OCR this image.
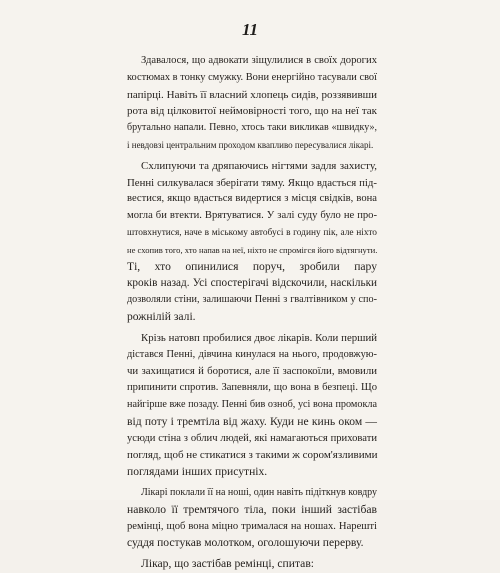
11
Здавалося, що адвокати зіщулилися в своїх дорогих
костюмах в тонку смужку. Вони енергійно тасували свої
папірці. Навіть її власний хлопець сидів, роззявивши
рота від цілковитої неймовірності того, що на неї так
брутально напали. Певно, хтось таки викликав «швидку»,
і невдовзі центральним проходом квапливо пересувалися лікарі.
Схлипуючи та дряпаючись нігтями задля захисту,
Пенні силкувалася зберігати тяму. Якщо вдасться під-
вестися, якщо вдасться видертися з місця свідків, вона
могла би втекти. Врятуватися. У залі суду було не про-
штовхнутися, наче в міському автобусі в годину пік, але ніхто
не схопив того, хто напав на неї, ніхто не спромігся його відтягнути.
Ті, хто опинилися поруч, зробили пару
кроків назад. Усі спостерігачі відскочили, наскільки
дозволяли стіни, залишаючи Пенні з гвалтівником у спо-
рожнілій залі.
Крізь натовп пробилися двоє лікарів. Коли перший
дістався Пенні, дівчина кинулася на нього, продовжую-
чи захищатися й боротися, але її заспокоїли, вмовили
припинити спротив. Запевняли, що вона в безпеці. Що
найгірше вже позаду. Пенні бив озноб, усі вона промокла
від поту і тремтіла від жаху. Куди не кинь оком —
усюди стіна з облич людей, які намагаються приховати
погляд, щоб не стикатися з такими ж сором'язливими
поглядами інших присутніх.
Лікарі поклали її на ноші, один навіть підіткнув ковдру
навколо її тремтячого тіла, поки інший застібав
ремінці, щоб вона міцно трималася на ношах. Нарешті
суддя постукав молотком, оголошуючи перерву.
Лікар, що застібав ремінці, спитав:
